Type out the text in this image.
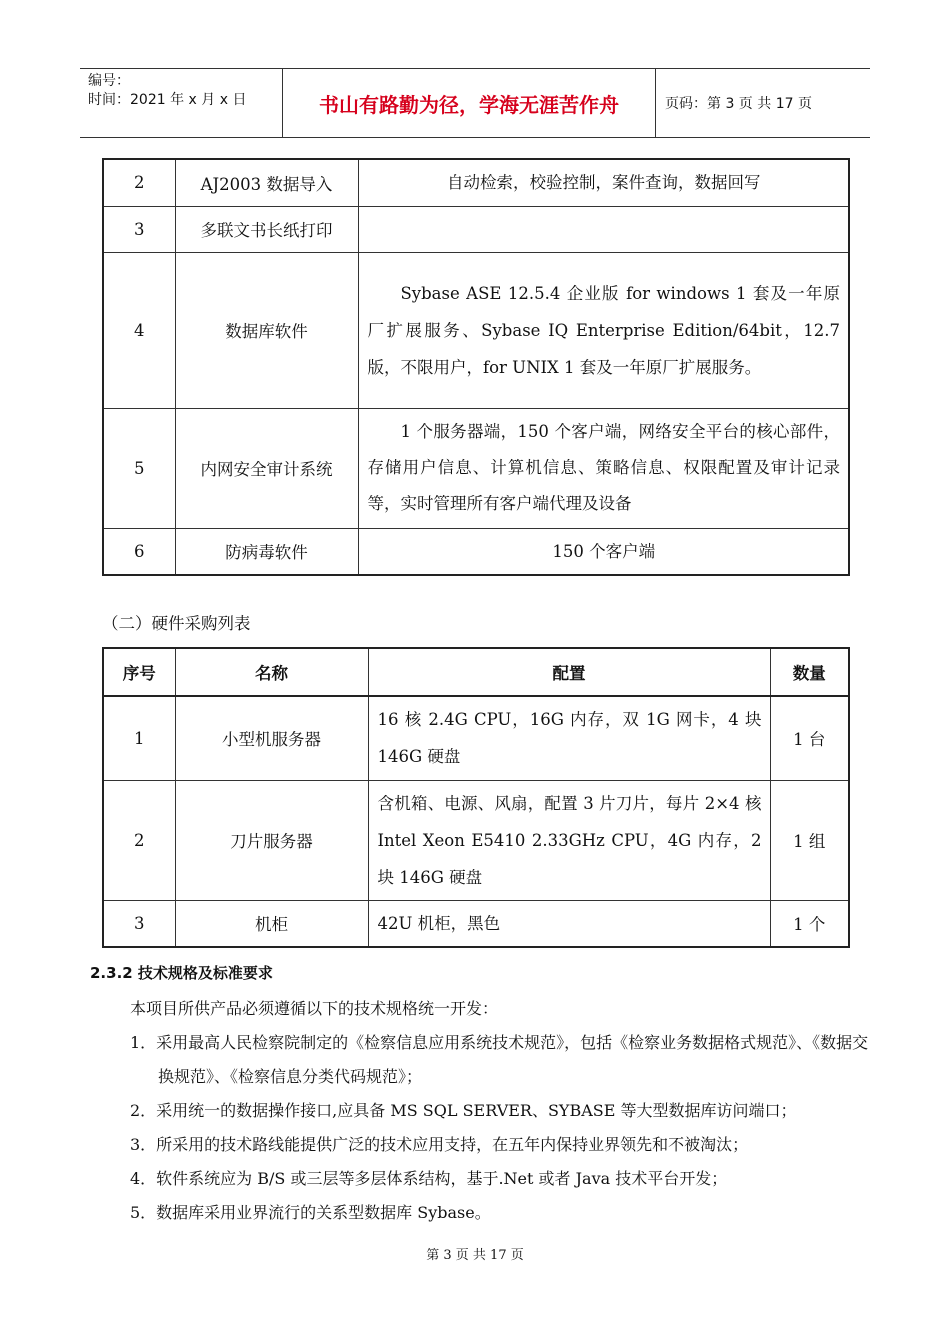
编号：
时间：2021 年 x 月 x 日	书山有路勤为径，学海无涯苦作舟	页码：第 3 页 共 17 页
2	AJ2003 数据导入	自动检索，校验控制，案件查询，数据回写
3	多联文书长纸打印	
4	数据库软件	Sybase ASE 12.5.4 企业版 for windows 1 套及一年原厂扩展服务、Sybase IQ Enterprise Edition/64bit，12.7 版，不限用户，for UNIX 1 套及一年原厂扩展服务。
5	内网安全审计系统	1 个服务器端，150 个客户端，网络安全平台的核心部件，存储用户信息、计算机信息、策略信息、权限配置及审计记录等，实时管理所有客户端代理及设备
6	防病毒软件	150 个客户端
（二）硬件采购列表
序号	名称	配置	数量
1	小型机服务器	16 核 2.4G CPU，16G 内存，双 1G 网卡，4 块 146G 硬盘	1 台
2	刀片服务器	含机箱、电源、风扇，配置 3 片刀片，每片 2×4 核 Intel Xeon E5410 2.33GHz CPU，4G 内存，2 块 146G 硬盘	1 组
3	机柜	42U 机柜，黑色	1 个
2.3.2 技术规格及标准要求

本项目所供产品必须遵循以下的技术规格统一开发：

1．采用最高人民检察院制定的《检察信息应用系统技术规范》，包括《检察业务数据格式规范》、《数据交换规范》、《检察信息分类代码规范》；

2．采用统一的数据操作接口,应具备 MS SQL SERVER、SYBASE 等大型数据库访问端口；

3．所采用的技术路线能提供广泛的技术应用支持，在五年内保持业界领先和不被淘汰；

4．软件系统应为 B/S 或三层等多层体系结构，基于.Net 或者 Java 技术平台开发；

5．数据库采用业界流行的关系型数据库 Sybase。

第 3 页 共 17 页
